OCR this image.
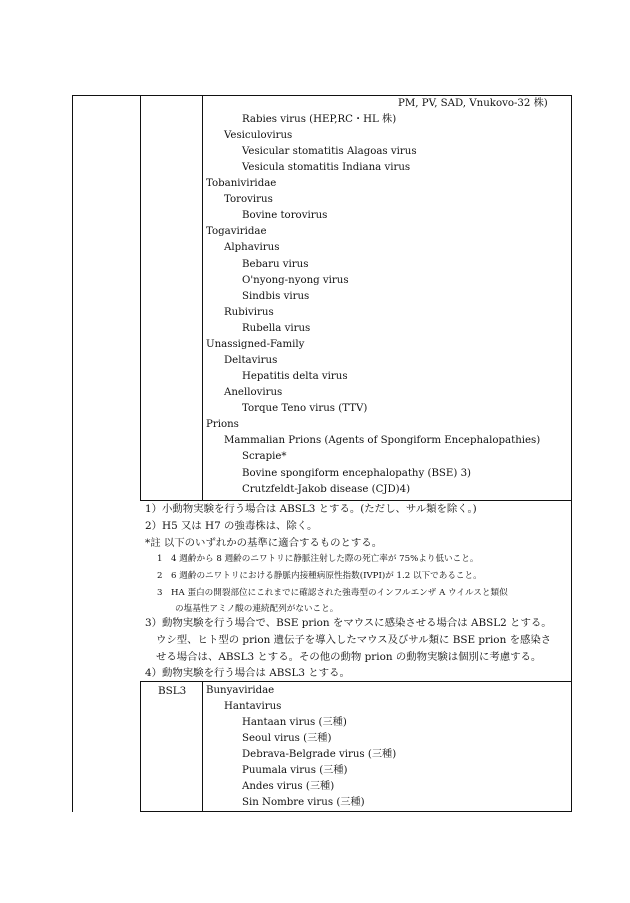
PM, PV, SAD, Vnukovo-32 株)
Rabies virus (HEP,RC・HL 株)
Vesiculovirus
Vesicular stomatitis Alagoas virus
Vesicula stomatitis Indiana virus
Tobaniviridae
Torovirus
Bovine torovirus
Togaviridae
Alphavirus
Bebaru virus
O'nyong-nyong virus
Sindbis virus
Rubivirus
Rubella virus
Unassigned-Family
Deltavirus
Hepatitis delta virus
Anellovirus
Torque Teno virus (TTV)
Prions
Mammalian Prions (Agents of Spongiform Encephalopathies)
Scrapie*
Bovine spongiform encephalopathy (BSE) 3)
Crutzfeldt-Jakob disease (CJD)4)
1）小動物実験を行う場合は ABSL3 とする。(ただし、サル類を除く。)
2）H5 又は H7 の強毒株は、除く。
*註 以下のいずれかの基準に適合するものとする。
1　4 週齢から 8 週齢のニワトリに静脈注射した際の死亡率が 75%より低いこと。
2　6 週齢のニワトリにおける静脈内接種病原性指数(IVPI)が 1.2 以下であること。
3　HA 蛋白の開裂部位にこれまでに確認された強毒型のインフルエンザ A ウイルスと類似
の塩基性アミノ酸の連続配列がないこと。
3）動物実験を行う場合で、BSE prion をマウスに感染させる場合は ABSL2 とする。
ウシ型、ヒト型の prion 遺伝子を導入したマウス及びサル類に BSE prion を感染さ
せる場合は、ABSL3 とする。その他の動物 prion の動物実験は個別に考慮する。
4）動物実験を行う場合は ABSL3 とする。
BSL3 Bunyaviridae
Hantavirus
Hantaan virus (三種)
Seoul virus (三種)
Debrava-Belgrade virus (三種)
Puumala virus (三種)
Andes virus (三種)
Sin Nombre virus (三種)
